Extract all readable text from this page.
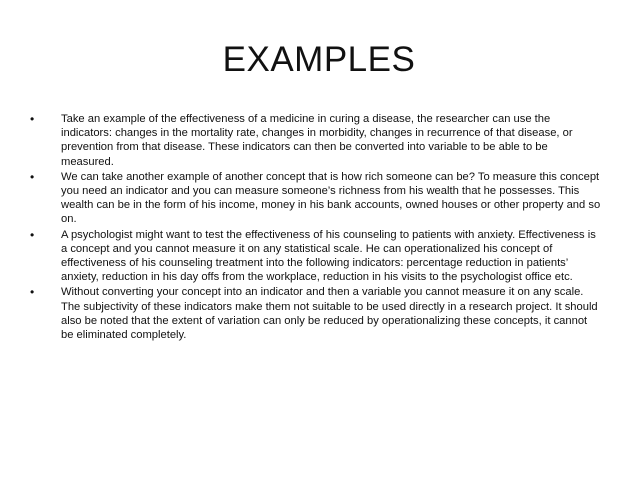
EXAMPLES
•	Take an example of the effectiveness of a medicine in curing a disease, the researcher can use the indicators: changes in the mortality rate, changes in morbidity, changes in recurrence of that disease, or prevention from that disease. These indicators can then be converted into variable to be able to be measured.
•	We can take another example of another concept that is how rich someone can be? To measure this concept you need an indicator and you can measure someone’s richness from his wealth that he possesses. This wealth can be in the form of his income, money in his bank accounts, owned houses or other property and so on.
•	A psychologist might want to test the effectiveness of his counseling to patients with anxiety. Effectiveness is a concept and you cannot measure it on any statistical scale. He can operationalized his concept of effectiveness of his counseling treatment into the following indicators: percentage reduction in patients’ anxiety, reduction in his day offs from the workplace, reduction in his visits to the psychologist office etc.
•	Without converting your concept into an indicator and then a variable you cannot measure it on any scale. The subjectivity of these indicators make them not suitable to be used directly in a research project. It should also be noted that the extent of variation can only be reduced by operationalizing these concepts, it cannot be eliminated completely.
